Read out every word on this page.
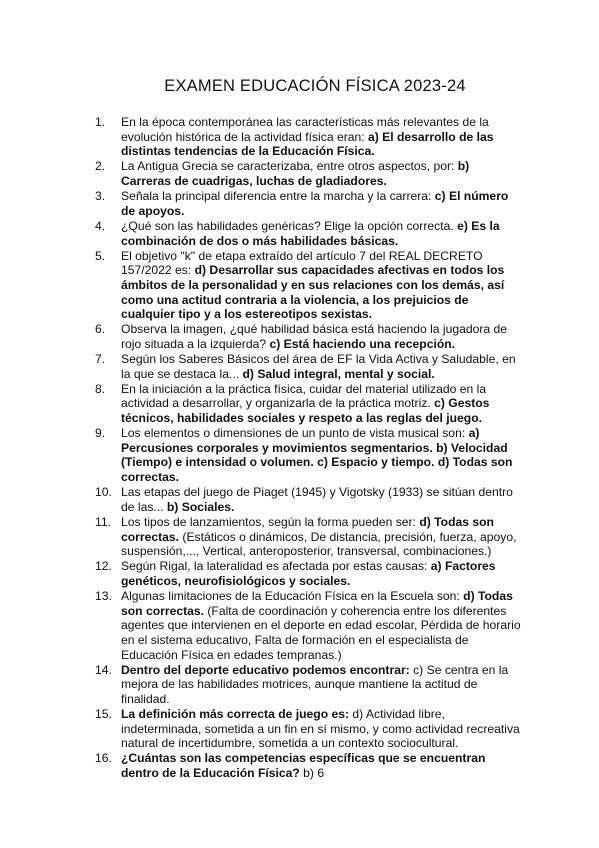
EXAMEN EDUCACIÓN FÍSICA 2023-24
1.	En la época contemporánea las características más relevantes de la evolución histórica de la actividad física eran: a) El desarrollo de las distintas tendencias de la Educación Física.
2.	La Antigua Grecia se caracterizaba, entre otros aspectos, por: b) Carreras de cuadrigas, luchas de gladiadores.
3.	Señala la principal diferencia entre la marcha y la carrera: c) El número de apoyos.
4.	¿Qué son las habilidades genéricas? Elige la opción correcta. e) Es la combinación de dos o más habilidades básicas.
5.	El objetivo "k" de etapa extraído del artículo 7 del REAL DECRETO 157/2022 es: d) Desarrollar sus capacidades afectivas en todos los ámbitos de la personalidad y en sus relaciones con los demás, así como una actitud contraria a la violencia, a los prejuicios de cualquier tipo y a los estereotipos sexistas.
6.	Observa la imagen, ¿qué habilidad básica está haciendo la jugadora de rojo situada a la izquierda? c) Está haciendo una recepción.
7.	Según los Saberes Básicos del área de EF la Vida Activa y Saludable, en la que se destaca la... d) Salud integral, mental y social.
8.	En la iniciación a la práctica física, cuidar del material utilizado en la actividad a desarrollar, y organizarla de la práctica motriz. c) Gestos técnicos, habilidades sociales y respeto a las reglas del juego.
9.	Los elementos o dimensiones de un punto de vista musical son: a) Percusiones corporales y movimientos segmentarios. b) Velocidad (Tiempo) e intensidad o volumen. c) Espacio y tiempo. d) Todas son correctas.
10. Las etapas del juego de Piaget (1945) y Vigotsky (1933) se sitúan dentro de las... b) Sociales.
11. Los tipos de lanzamientos, según la forma pueden ser: d) Todas son correctas. (Estáticos o dinámicos, De distancia, precisión, fuerza, apoyo, suspensión,..., Vertical, anteroposterior, transversal, combinaciones.)
12. Según Rigal, la lateralidad es afectada por estas causas: a) Factores genéticos, neurofisiológicos y sociales.
13. Algunas limitaciones de la Educación Física en la Escuela son: d) Todas son correctas. (Falta de coordinación y coherencia entre los diferentes agentes que intervienen en el deporte en edad escolar, Pérdida de horario en el sistema educativo, Falta de formación en el especialista de Educación Física en edades tempranas.)
14. Dentro del deporte educativo podemos encontrar: c) Se centra en la mejora de las habilidades motrices, aunque mantiene la actitud de finalidad.
15. La definición más correcta de juego es: d) Actividad libre, indeterminada, sometida a un fin en sí mismo, y como actividad recreativa natural de incertidumbre, sometida a un contexto sociocultural.
16. ¿Cuántas son las competencias específicas que se encuentran dentro de la Educación Física? b) 6
